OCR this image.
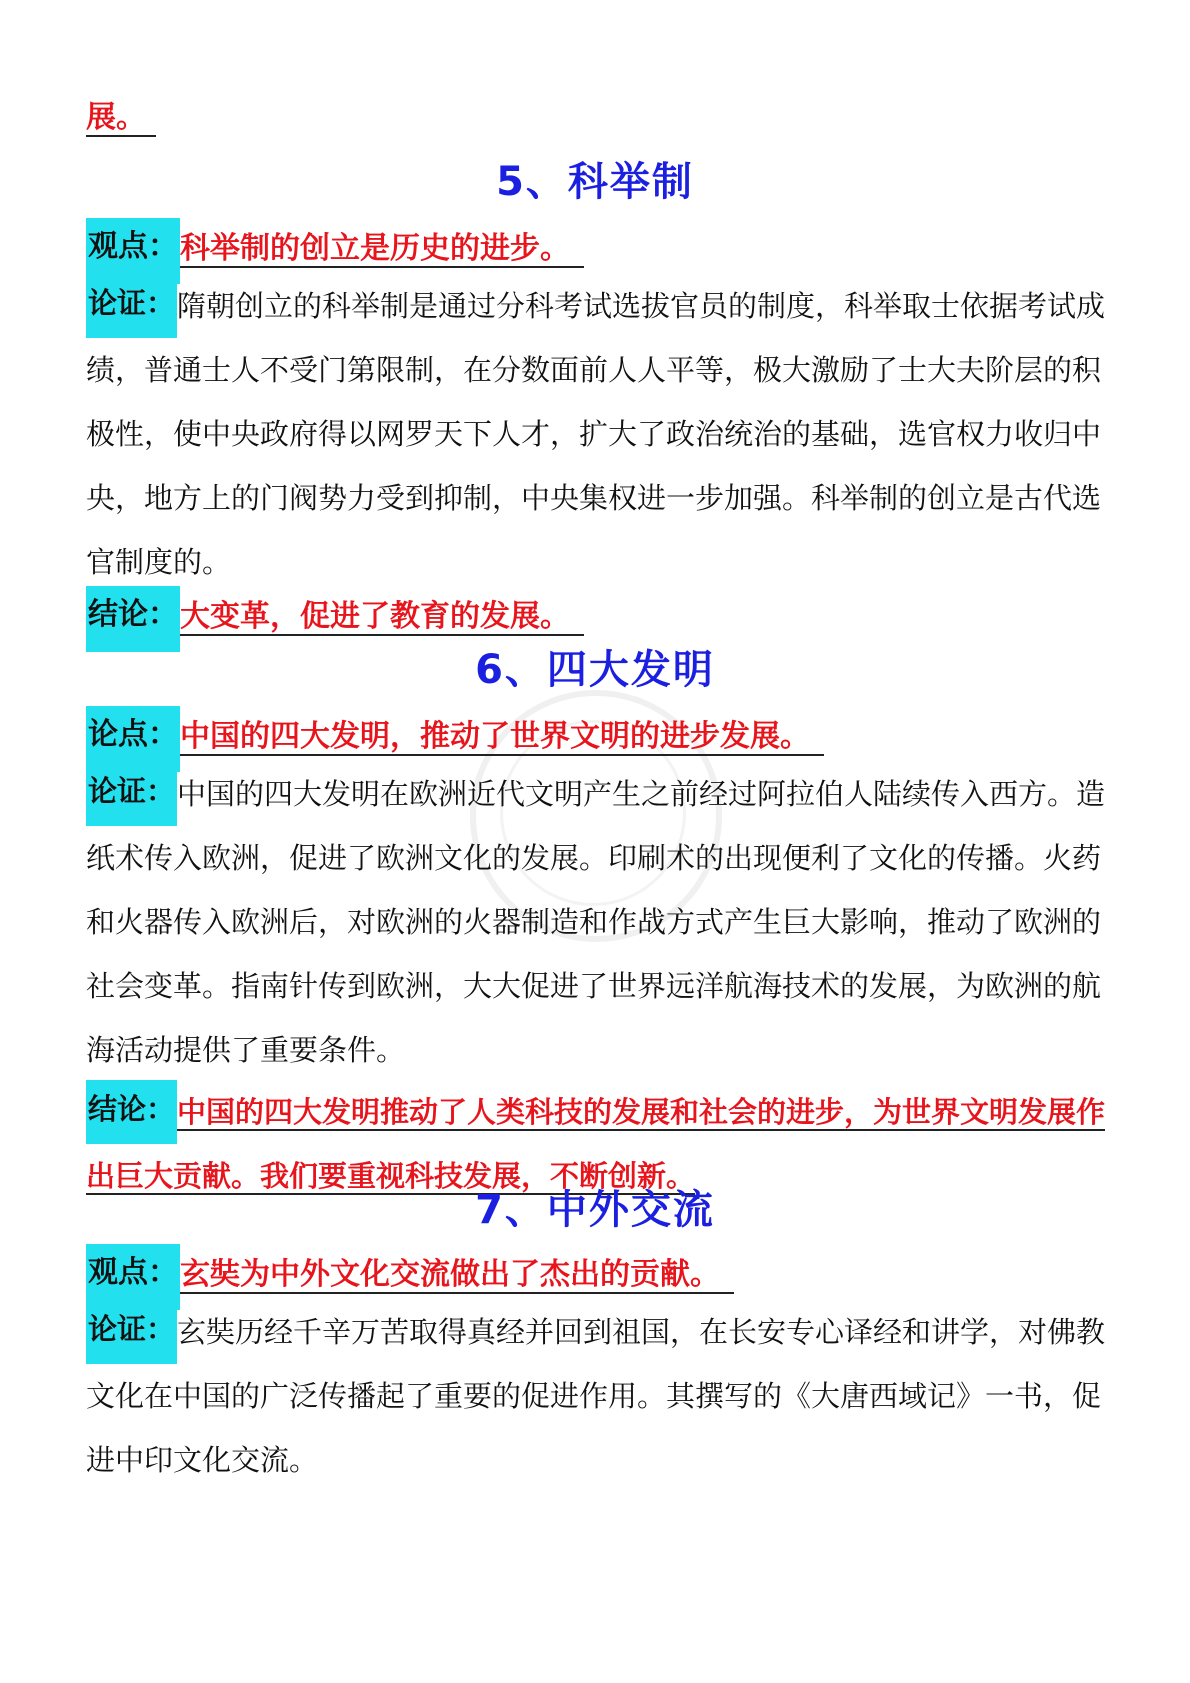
展。
5、科举制
观点： 科举制的创立是历史的进步。
论证：隋朝创立的科举制是通过分科考试选拔官员的制度，科举取士依据考试成绩，普通士人不受门第限制，在分数面前人人平等，极大激励了士大夫阶层的积极性，使中央政府得以网罗天下人才，扩大了政治统治的基础，选官权力收归中央，地方上的门阀势力受到抑制，中央集权进一步加强。科举制的创立是古代选官制度的。
结论： 大变革，促进了教育的发展。
6、四大发明
论点： 中国的四大发明，推动了世界文明的进步发展。
论证：中国的四大发明在欧洲近代文明产生之前经过阿拉伯人陆续传入西方。造纸术传入欧洲，促进了欧洲文化的发展。印刷术的出现便利了文化的传播。火药和火器传入欧洲后，对欧洲的火器制造和作战方式产生巨大影响，推动了欧洲的社会变革。指南针传到欧洲，大大促进了世界远洋航海技术的发展，为欧洲的航海活动提供了重要条件。
结论：中国的四大发明推动了人类科技的发展和社会的进步，为世界文明发展作出巨大贡献。我们要重视科技发展，不断创新。
7、中外交流
观点： 玄奘为中外文化交流做出了杰出的贡献。
论证：玄奘历经千辛万苦取得真经并回到祖国，在长安专心译经和讲学，对佛教文化在中国的广泛传播起了重要的促进作用。其撰写的《大唐西域记》一书，促进中印文化交流。
